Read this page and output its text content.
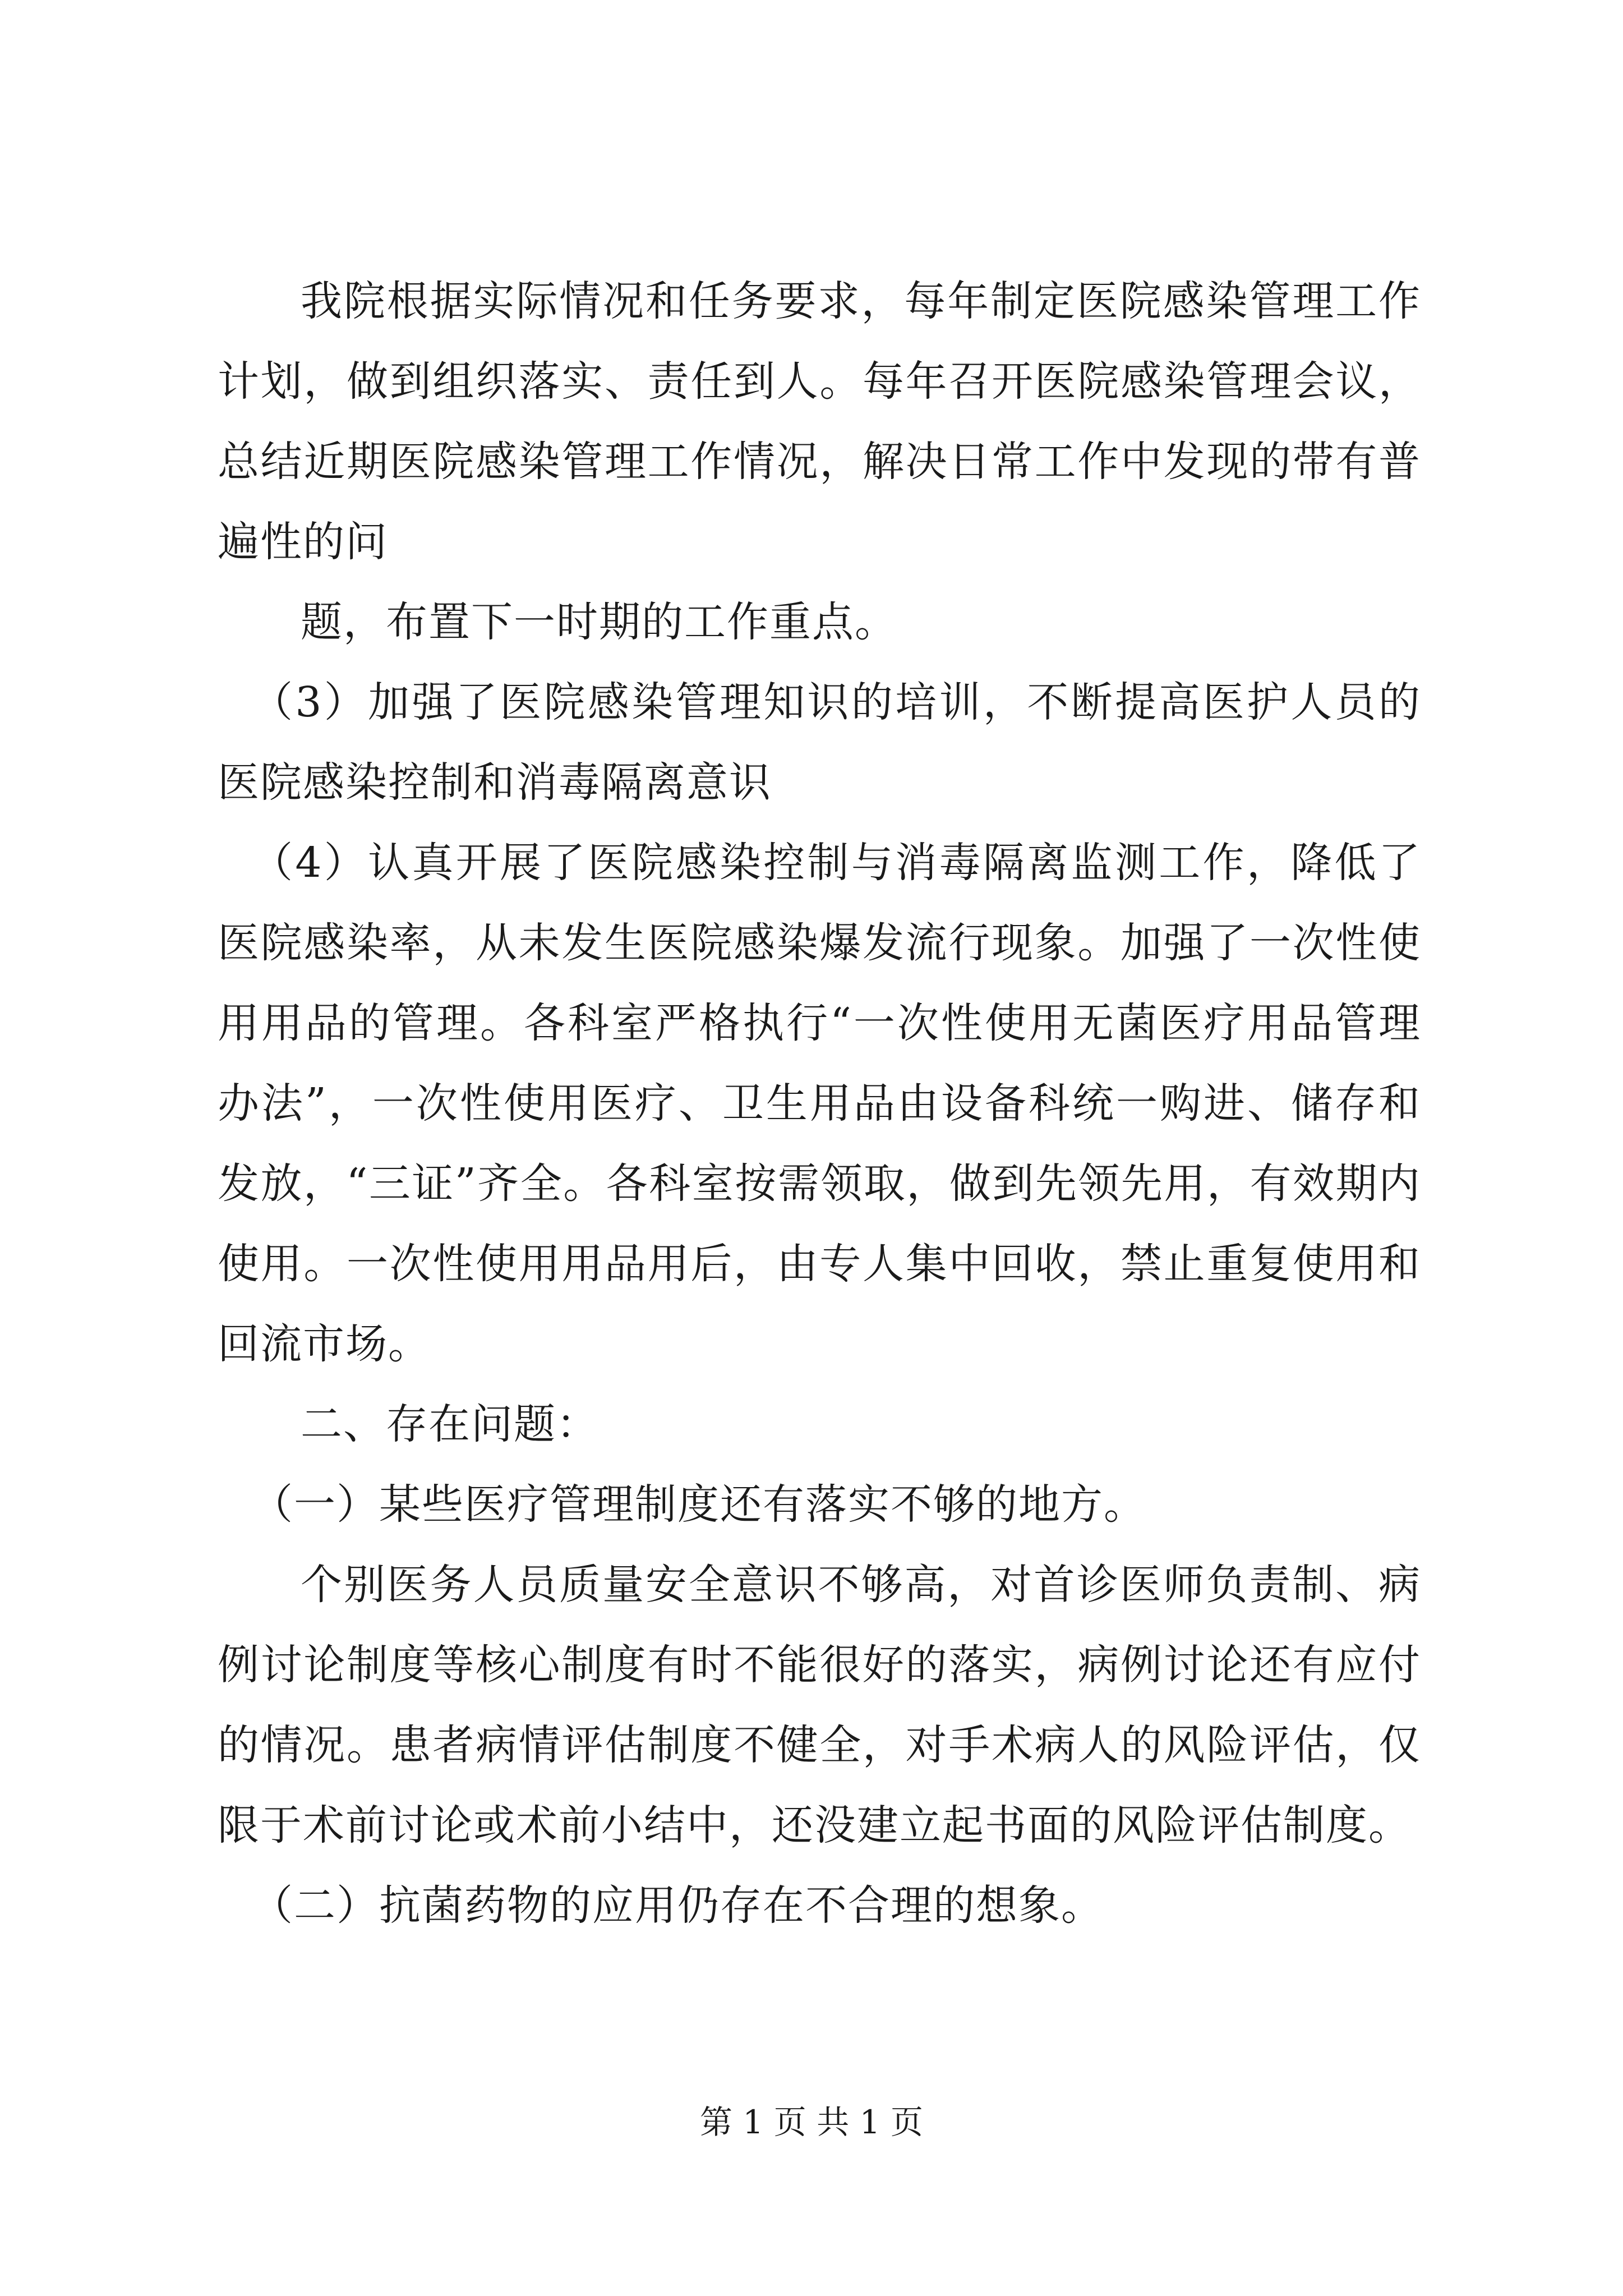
我院根据实际情况和任务要求，每年制定医院感染管理工作计划，做到组织落实、责任到人。每年召开医院感染管理会议，总结近期医院感染管理工作情况，解决日常工作中发现的带有普遍性的问

题，布置下一时期的工作重点。

（3）加强了医院感染管理知识的培训，不断提高医护人员的医院感染控制和消毒隔离意识

（4）认真开展了医院感染控制与消毒隔离监测工作，降低了医院感染率，从未发生医院感染爆发流行现象。加强了一次性使用用品的管理。各科室严格执行“一次性使用无菌医疗用品管理办法”，一次性使用医疗、卫生用品由设备科统一购进、储存和发放，“三证”齐全。各科室按需领取，做到先领先用，有效期内使用。一次性使用用品用后，由专人集中回收，禁止重复使用和回流市场。

二、存在问题：

（一）某些医疗管理制度还有落实不够的地方。

个别医务人员质量安全意识不够高，对首诊医师负责制、病例讨论制度等核心制度有时不能很好的落实，病例讨论还有应付的情况。患者病情评估制度不健全，对手术病人的风险评估，仅限于术前讨论或术前小结中，还没建立起书面的风险评估制度。

（二）抗菌药物的应用仍存在不合理的想象。

第 1 页 共 1 页
